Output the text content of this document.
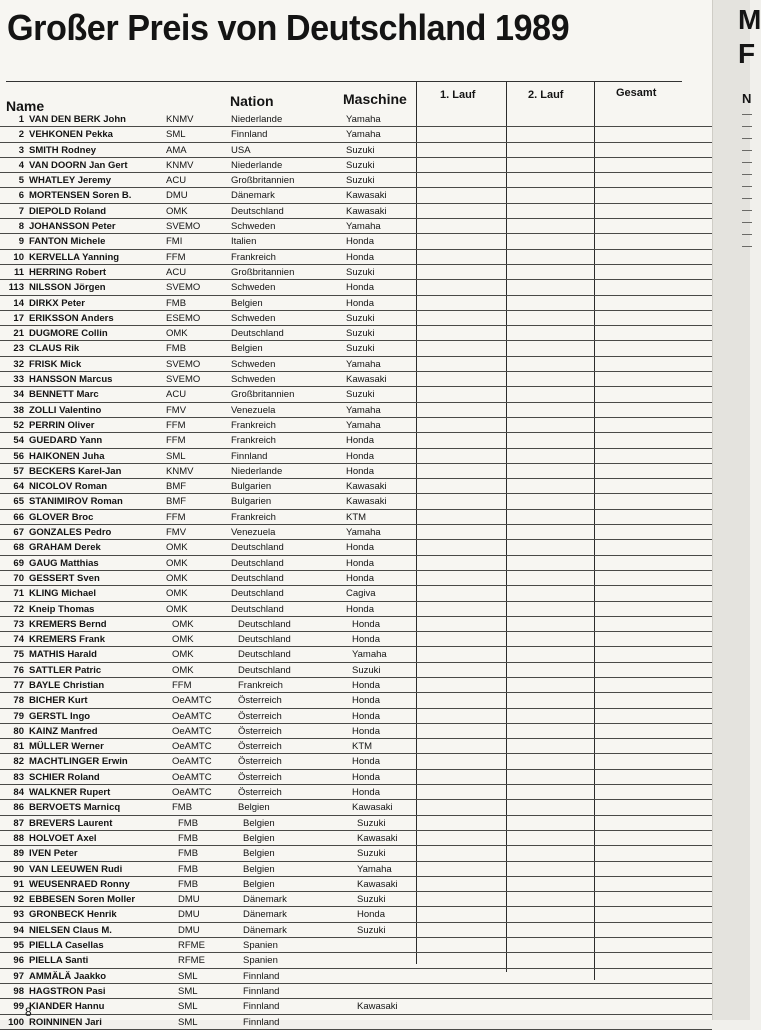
Großer Preis von Deutschland 1989
Name	Nation	Maschine	1. Lauf	2. Lauf	Gesamt
1 VAN DEN BERK John	KNMV	Niederlande	Yamaha
2 VEHKONEN Pekka	SML	Finnland	Yamaha
3 SMITH Rodney	AMA	USA	Suzuki
4 VAN DOORN Jan Gert	KNMV	Niederlande	Suzuki
5 WHATLEY Jeremy	ACU	Großbritannien	Suzuki
6 MORTENSEN Soren B.	DMU	Dänemark	Kawasaki
7 DIEPOLD Roland	OMK	Deutschland	Kawasaki
8 JOHANSSON Peter	SVEMO	Schweden	Yamaha
9 FANTON Michele	FMI	Italien	Honda
10 KERVELLA Yanning	FFM	Frankreich	Honda
11 HERRING Robert	ACU	Großbritannien	Suzuki
113 NILSSON Jörgen	SVEMO	Schweden	Honda
14 DIRKX Peter	FMB	Belgien	Honda
17 ERIKSSON Anders	ESEMO	Schweden	Suzuki
21 DUGMORE Collin	OMK	Deutschland	Suzuki
23 CLAUS Rik	FMB	Belgien	Suzuki
32 FRISK Mick	SVEMO	Schweden	Yamaha
33 HANSSON Marcus	SVEMO	Schweden	Kawasaki
34 BENNETT Marc	ACU	Großbritannien	Suzuki
38 ZOLLI Valentino	FMV	Venezuela	Yamaha
52 PERRIN Oliver	FFM	Frankreich	Yamaha
54 GUEDARD Yann	FFM	Frankreich	Honda
56 HAIKONEN Juha	SML	Finnland	Honda
57 BECKERS Karel-Jan	KNMV	Niederlande	Honda
64 NICOLOV Roman	BMF	Bulgarien	Kawasaki
65 STANIMIROV Roman	BMF	Bulgarien	Kawasaki
66 GLOVER Broc	FFM	Frankreich	KTM
67 GONZALES Pedro	FMV	Venezuela	Yamaha
68 GRAHAM Derek	OMK	Deutschland	Honda
69 GAUG Matthias	OMK	Deutschland	Honda
70 GESSERT Sven	OMK	Deutschland	Honda
71 KLING Michael	OMK	Deutschland	Cagiva
72 Kneip Thomas	OMK	Deutschland	Honda
73 KREMERS Bernd	OMK	Deutschland	Honda
74 KREMERS Frank	OMK	Deutschland	Honda
75 MATHIS Harald	OMK	Deutschland	Yamaha
76 SATTLER Patric	OMK	Deutschland	Suzuki
77 BAYLE Christian	FFM	Frankreich	Honda
78 BICHER Kurt	OeAMTC	Österreich	Honda
79 GERSTL Ingo	OeAMTC	Österreich	Honda
80 KAINZ Manfred	OeAMTC	Österreich	Honda
81 MÜLLER Werner	OeAMTC	Österreich	KTM
82 MACHTLINGER Erwin	OeAMTC	Österreich	Honda
83 SCHIER Roland	OeAMTC	Österreich	Honda
84 WALKNER Rupert	OeAMTC	Österreich	Honda
86 BERVOETS Marnicq	FMB	Belgien	Kawasaki
87 BREVERS Laurent	FMB	Belgien	Suzuki
88 HOLVOET Axel	FMB	Belgien	Kawasaki
89 IVEN Peter	FMB	Belgien	Suzuki
90 VAN LEEUWEN Rudi	FMB	Belgien	Yamaha
91 WEUSENRAED Ronny	FMB	Belgien	Kawasaki
92 EBBESEN Soren Moller	DMU	Dänemark	Suzuki
93 GRONBECK Henrik	DMU	Dänemark	Honda
94 NIELSEN Claus M.	DMU	Dänemark	Suzuki
95 PIELLA Casellas	RFME	Spanien
96 PIELLA Santi	RFME	Spanien
97 AMMÄLÄ Jaakko	SML	Finnland
98 HAGSTRON Pasi	SML	Finnland
99 KIANDER Hannu	SML	Finnland	Kawasaki
100 ROINNINEN Jari	SML	Finnland
8
M
F
N
